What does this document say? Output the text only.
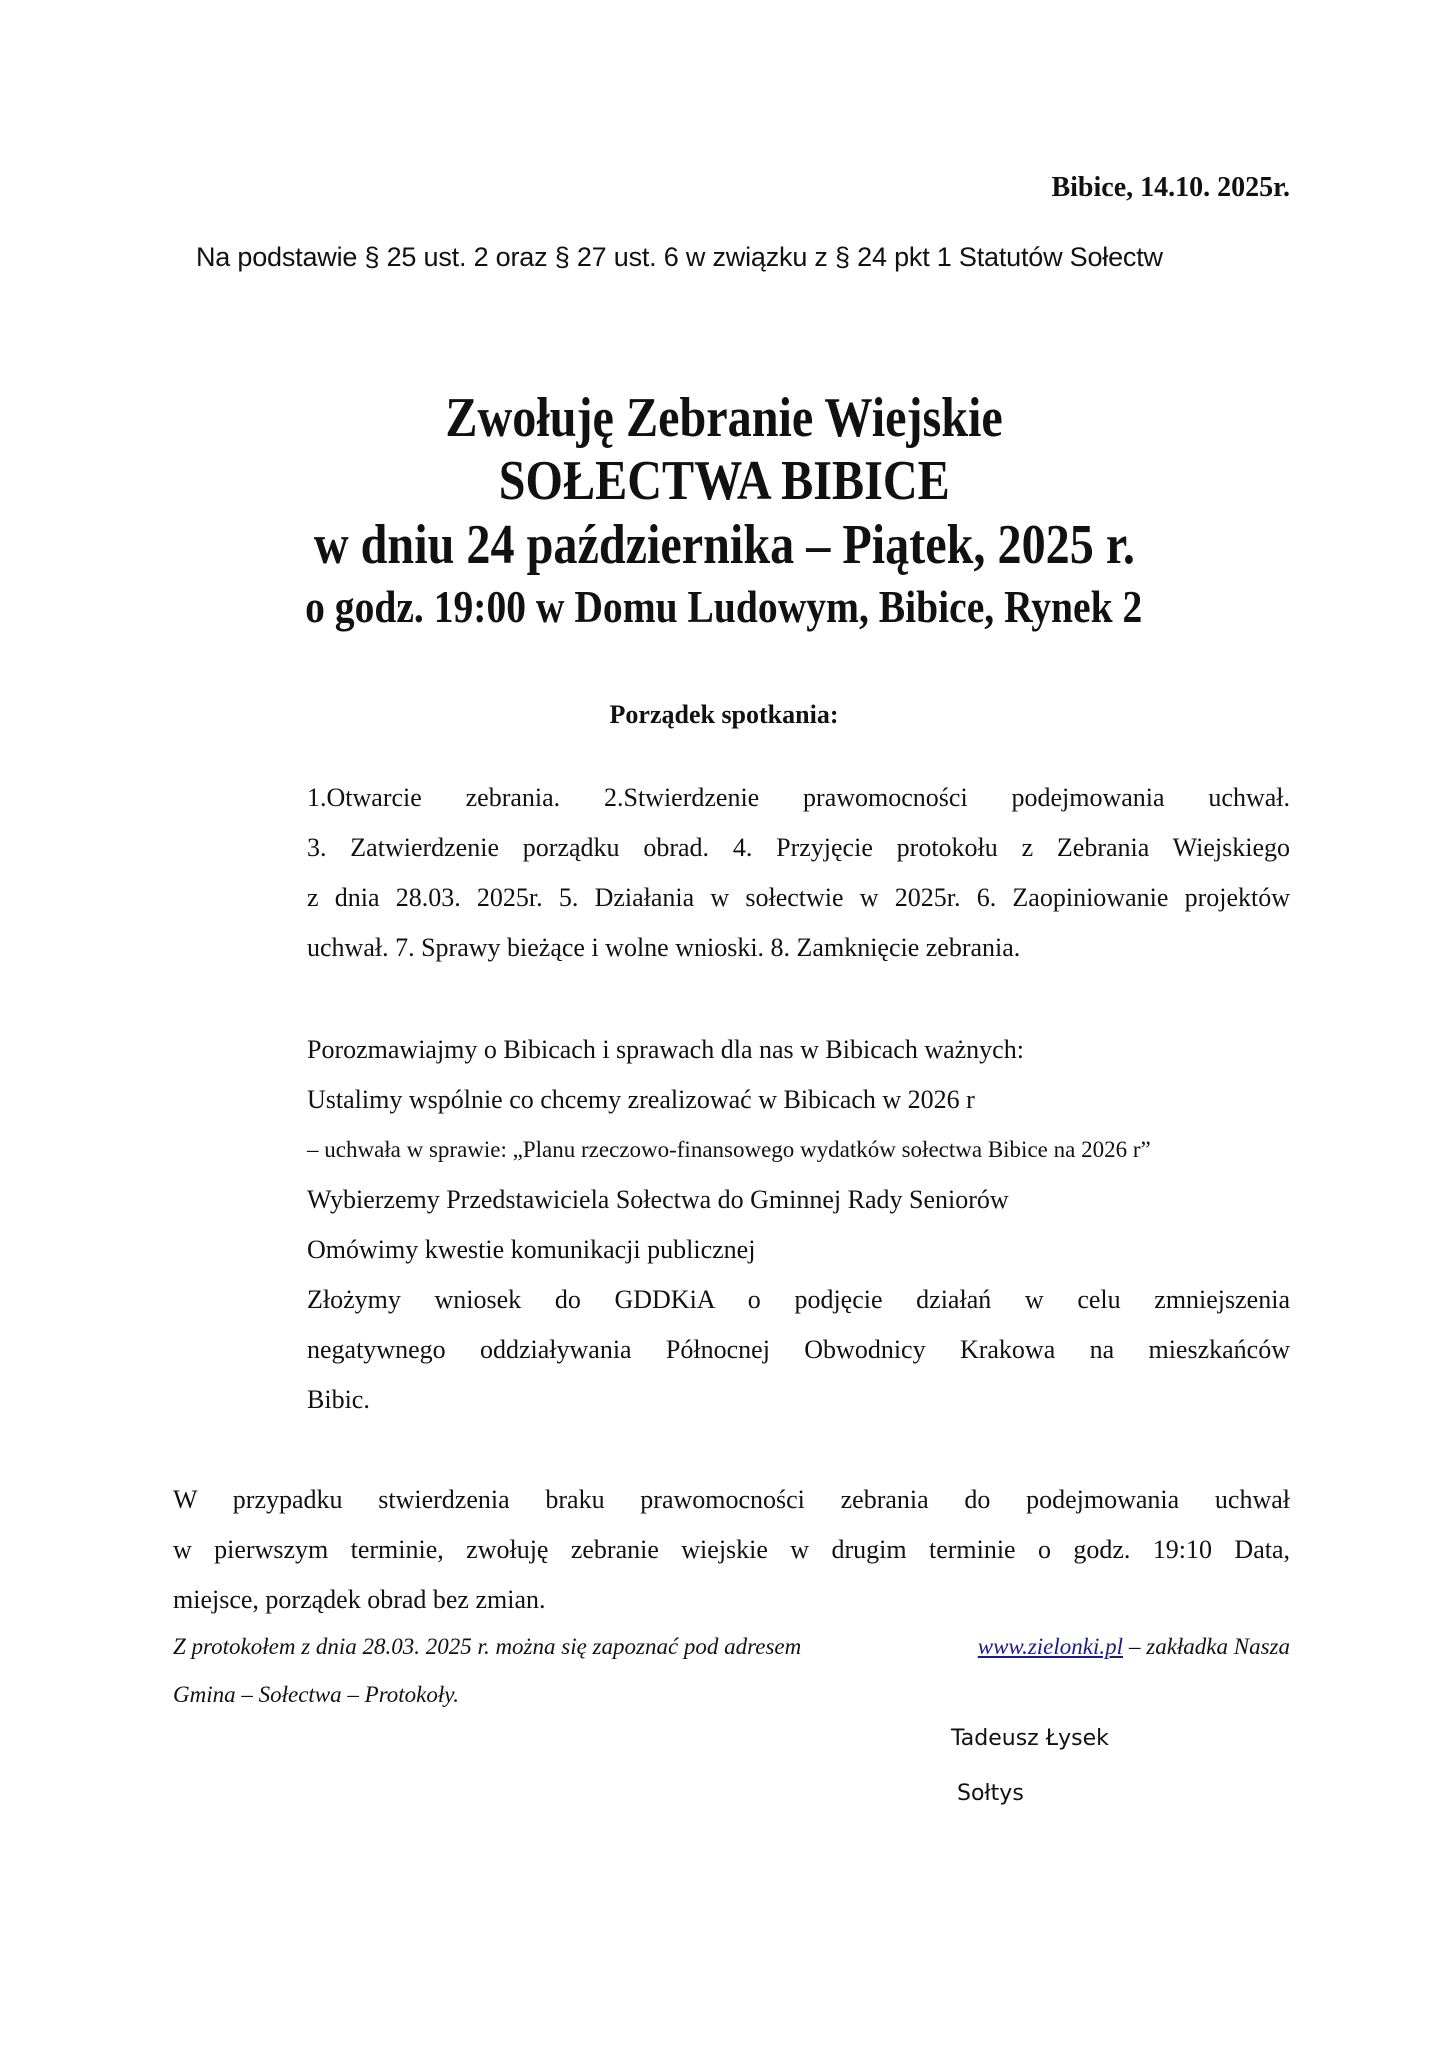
Bibice, 14.10. 2025r.
Na podstawie § 25 ust. 2 oraz § 27 ust. 6 w związku z § 24 pkt 1 Statutów Sołectw
Zwołuję Zebranie Wiejskie
SOŁECTWA BIBICE
w dniu 24 października – Piątek, 2025 r.
o godz. 19:00 w Domu Ludowym, Bibice, Rynek 2
Porządek spotkania:
1.Otwarcie zebrania. 2.Stwierdzenie prawomocności podejmowania uchwał.
3. Zatwierdzenie porządku obrad. 4. Przyjęcie protokołu z Zebrania Wiejskiego
z dnia 28.03. 2025r. 5. Działania w sołectwie w 2025r. 6. Zaopiniowanie projektów
uchwał. 7. Sprawy bieżące i wolne wnioski. 8. Zamknięcie zebrania.
Porozmawiajmy o Bibicach i sprawach dla nas w Bibicach ważnych:
Ustalimy wspólnie co chcemy zrealizować w Bibicach w 2026 r
– uchwała w sprawie: „Planu rzeczowo-finansowego wydatków sołectwa Bibice na 2026 r”
Wybierzemy Przedstawiciela Sołectwa do Gminnej Rady Seniorów
Omówimy kwestie komunikacji publicznej
Złożymy wniosek do GDDKiA o podjęcie działań w celu zmniejszenia
negatywnego oddziaływania Północnej Obwodnicy Krakowa na mieszkańców
Bibic.
W przypadku stwierdzenia braku prawomocności zebrania do podejmowania uchwał
w pierwszym terminie, zwołuję zebranie wiejskie w drugim terminie o godz. 19:10 Data,
miejsce, porządek obrad bez zmian.
Z protokołem z dnia 28.03. 2025 r. można się zapoznać pod adresem	www.zielonki.pl – zakładka Nasza
Gmina – Sołectwa – Protokoły.
Tadeusz Łysek
Sołtys
